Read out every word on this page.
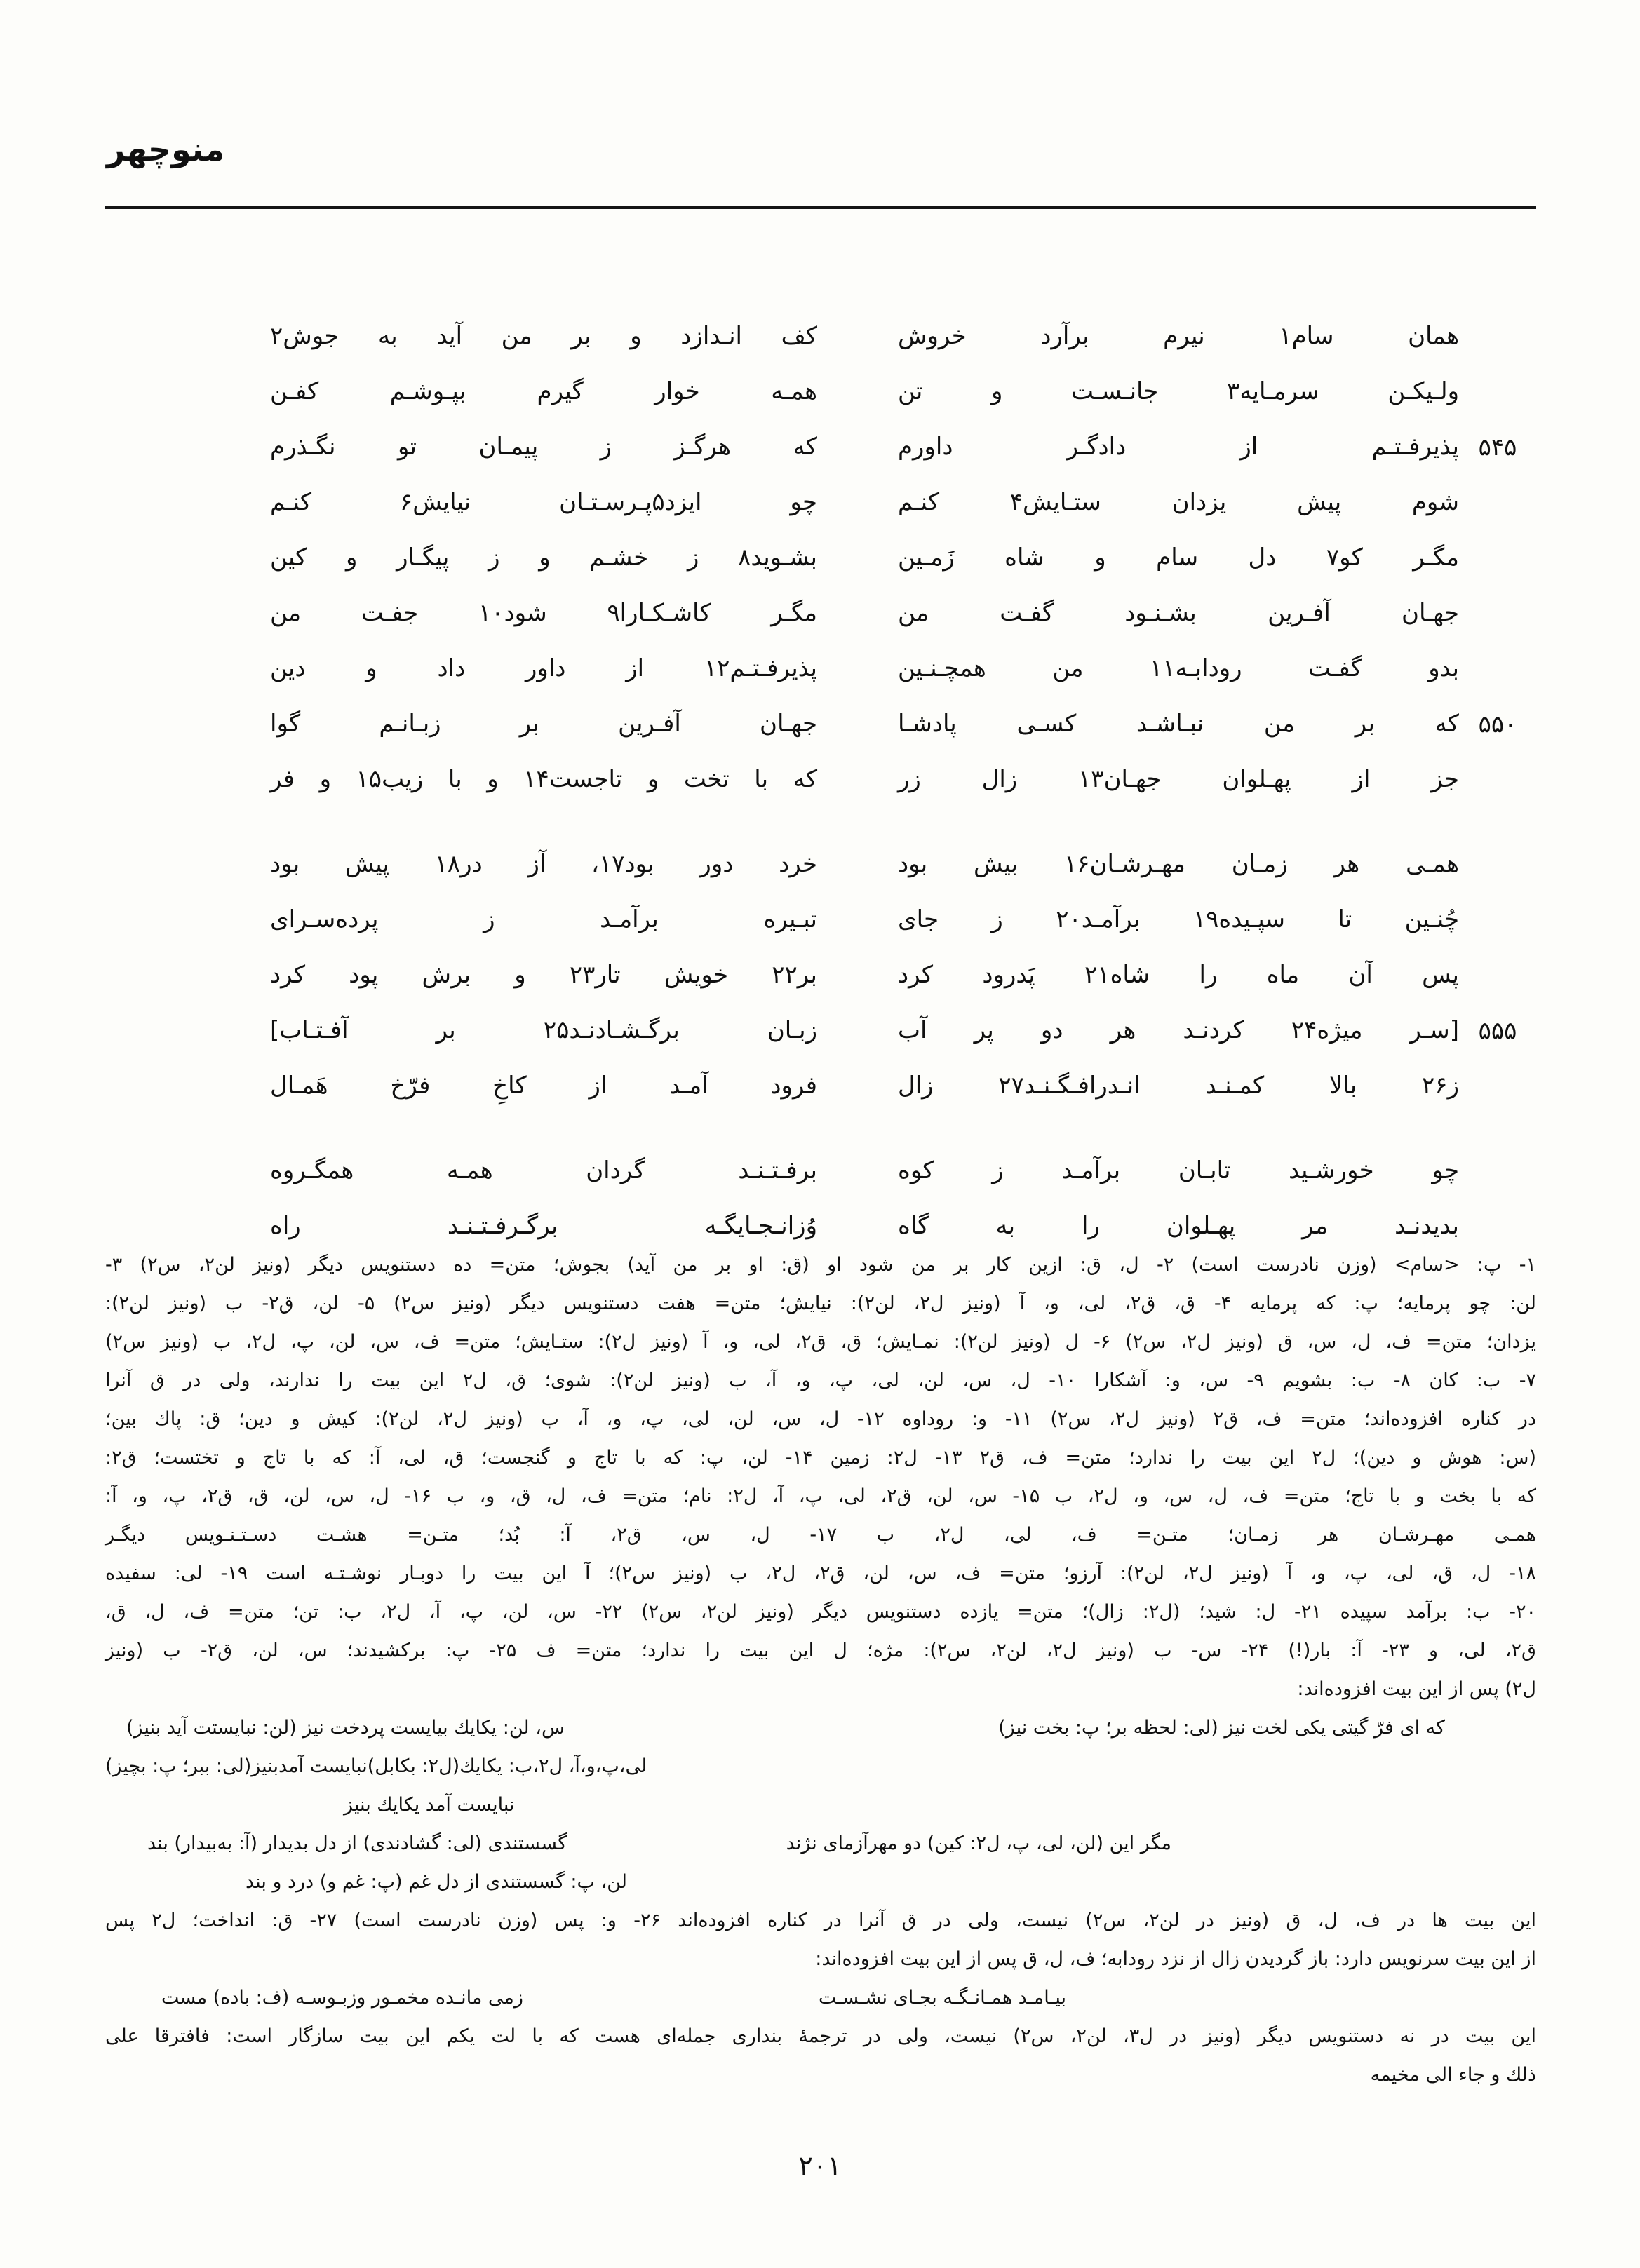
منوچهر
همان سام۱ نیرم برآرد خروش
کف انـدازد و بر من آید به جوش۲
ولـیکـن سرمـایه۳ جانـسـت و تن
همـه خوار گیرم بپـوشـم کفـن
۵۴۵
پذیرفـتـم از دادگـر داورم
که هرگـز ز پیمـان تو نگـذرم
شوم پیش یزدان ستـایش۴ کنـم
چو ایزد۵پـرسـتـان نیایش۶ کنـم
مگـر کو۷ دل سام و شاه زَمـین
بشـوید۸ ز خشـم و ز پیگـار و کین
جهـان آفـرین بشـنـود گفـت من
مگـر کاشـکـارا۹ شود۱۰ جفـت من
بدو گفـت رودابـه۱۱ من همچـنـین
پذیرفـتـم۱۲ از داور داد و دین
۵۵۰
که بر من نبـاشـد کسـی پادشـا
جهـان آفـرین بر زبـانـم گوا
جز از پهـلوان جهـان۱۳ زال زر
که با تخت و تاجست۱۴ و با زیب۱۵ و فر
همـی هر زمـان مهـرشـان۱۶ بیش بود
خرد دور بود۱۷، آز در۱۸ پیش بود
چُنـین تا سپـیده۱۹ برآمـد۲۰ ز جای
تبـیره برآمـد ز پرده‌سـرای
پس آن ماه را شاه۲۱ پَدرود کرد
بر۲۲ خویش تار۲۳ و برش پود کرد
۵۵۵
[سـر میژه۲۴ کردنـد هر دو پر آب
زبـان برگـشـادنـد۲۵ بر آفـتـاب]
ز۲۶ بالا کمـنـد انـدرافـگـنـد۲۷ زال
فرود آمـد از کاخِ فرّخ هَمـال
چو خورشـید تابـان برآمـد ز کوه
برفـتـنـد گردان همـه همگـروه
بدیدنـد مر پهـلوان را به گاه
وُزانـجـایگـه برگـرفـتـنـد راه
۱- پ: <سام> (وزن نادرست است) ۲- ل، ق: ازین کار بر من شود او (ق: او بر من آید) بجوش؛ متن= ده دستنویس دیگر (ونیز لن۲، س۲) ۳-
لن: چو پرمایه؛ پ: که پرمایه ۴- ق، ق۲، لی، و، آ (ونیز ل۲، لن۲): نیایش؛ متن= هفت دستنویس دیگر (ونیز س۲) ۵- لن، ق۲- ب (ونیز لن۲):
یزدان؛ متن= ف، ل، س، ق (ونیز ل۲، س۲) ۶- ل (ونیز لن۲): نمـایش؛ ق، ق۲، لی، و، آ (ونیز ل۲): ستـایش؛ متن= ف، س، لن، پ، ل۲، ب (ونیز س۲)
۷- ب: کان ۸- ب: بشویم ۹- س، و: آشکارا ۱۰- ل، س، لن، لی، پ، و، آ، ب (ونیز لن۲): شوی؛ ق، ل۲ این بیت را ندارند، ولی در ق آنرا
در کناره افزوده‌اند؛ متن= ف، ق۲ (ونیز ل۲، س۲) ۱۱- و: روداوه ۱۲- ل، س، لن، لی، پ، و، آ، ب (ونیز ل۲، لن۲): کیش و دین؛ ق: پاك بین؛
(س: هوش و دین)؛ ل۲ این بیت را ندارد؛ متن= ف، ق۲ ۱۳- ل۲: زمین ۱۴- لن، پ: که با تاج و گنجست؛ ق، لی، آ: که با تاج و تختست؛ ق۲:
که با بخت و با تاج؛ متن= ف، ل، س، و، ل۲، ب ۱۵- س، لن، ق۲، لی، پ، آ، ل۲: نام؛ متن= ف، ل، ق، و، ب ۱۶- ل، س، لن، ق، ق۲، پ، و، آ:
همـی مهـرشـان هر زمـان؛ متـن= ف، لی، ل۲، ب ۱۷- ل، س، ق۲، آ: بُد؛ متـن= هشـت دسـتـنـویس دیگـر
۱۸- ل، ق، لی، پ، و، آ (ونیز ل۲، لن۲): آرزو؛ متن= ف، س، لن، ق۲، ل۲، ب (ونیز س۲)؛ آ این بیت را دوبـار نوشـتـه است ۱۹- لی: سفیده
۲۰- ب: برآمد سپیده ۲۱- ل: شید؛ (ل۲: زال)؛ متن= یازده دستنویس دیگر (ونیز لن۲، س۲) ۲۲- س، لن، پ، آ، ل۲، ب: تن؛ متن= ف، ل، ق،
ق۲، لی، و ۲۳- آ: بار(!) ۲۴- س- ب (ونیز ل۲، لن۲، س۲): مژه؛ ل این بیت را ندارد؛ متن= ف ۲۵- پ: برکشیدند؛ س، لن، ق۲- ب (ونیز
ل۲) پس از این بیت افزوده‌اند:
که ای فرّ گیتی یکی لخت نیز (لی: لحظه بر؛ پ: بخت نیز)
س، لن: یکایك بیایست پردخت نیز (لن: نبایستت آید بنیز)
لی،پ،و،آ، ل۲،ب: یکایك(ل۲: بکابل)نبایست آمدبنیز(لی: ببر؛ پ: بچیز)
نبایست آمد یکایك بنیز
مگر این (لن، لی، پ، ل۲: کین) دو مهرآزمای نژند
گسستندی (لی: گشادندی) از دل بدیدار (آ: به‌بیدار) بند
لن، پ: گسستندی از دل غم (پ: غم و) درد و بند
این بیت ها در ف، ل، ق (ونیز در لن۲، س۲) نیست، ولی در ق آنرا در کناره افزوده‌اند ۲۶- و: پس (وزن نادرست است) ۲۷- ق: انداخت؛ ل۲ پس
از این بیت سرنویس دارد: باز گردیدن زال از نزد رودابه؛ ف، ل، ق پس از این بیت افزوده‌اند:
بیـامـد همـانـگـه بجـای نشـسـت
زمی مانـده مخمـور وزبـوسـه (ف: باده) مست
این بیت در نه دستنویس دیگر (ونیز در ل۳، لن۲، س۲) نیست، ولی در ترجمهٔ بنداری جمله‌ای هست که با لت یکم این بیت سازگار است: فافترقا علی
ذلك و جاء الی مخیمه
۲۰۱
